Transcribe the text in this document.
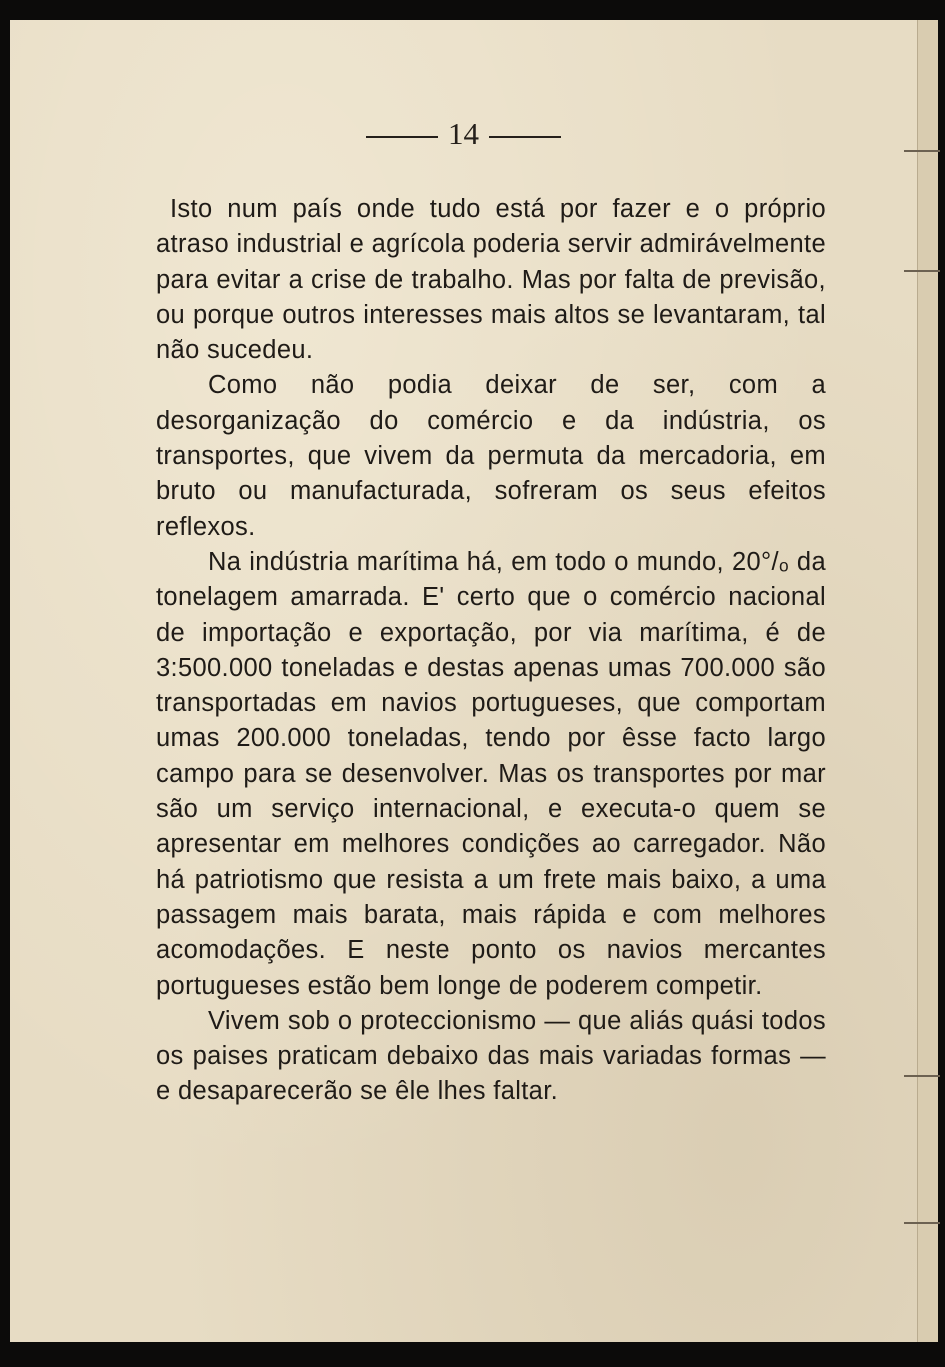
14

Isto num país onde tudo está por fazer e o próprio atraso industrial e agrícola poderia servir admirávelmente para evitar a crise de trabalho. Mas por falta de previsão, ou porque outros interesses mais altos se levantaram, tal não sucedeu.

Como não podia deixar de ser, com a desorganização do comércio e da indústria, os transportes, que vivem da permuta da mercadoria, em bruto ou manufacturada, sofreram os seus efeitos reflexos.

Na indústria marítima há, em todo o mundo, 20°/ₒ da tonelagem amarrada. E' certo que o comércio nacional de importação e exportação, por via marítima, é de 3:500.000 toneladas e destas apenas umas 700.000 são transportadas em navios portugueses, que comportam umas 200.000 toneladas, tendo por êsse facto largo campo para se desenvolver. Mas os transportes por mar são um serviço internacional, e executa-o quem se apresentar em melhores condições ao carregador. Não há patriotismo que resista a um frete mais baixo, a uma passagem mais barata, mais rápida e com melhores acomodações. E neste ponto os navios mercantes portugueses estão bem longe de poderem competir.

Vivem sob o proteccionismo — que aliás quási todos os paises praticam debaixo das mais variadas formas — e desaparecerão se êle lhes faltar.
